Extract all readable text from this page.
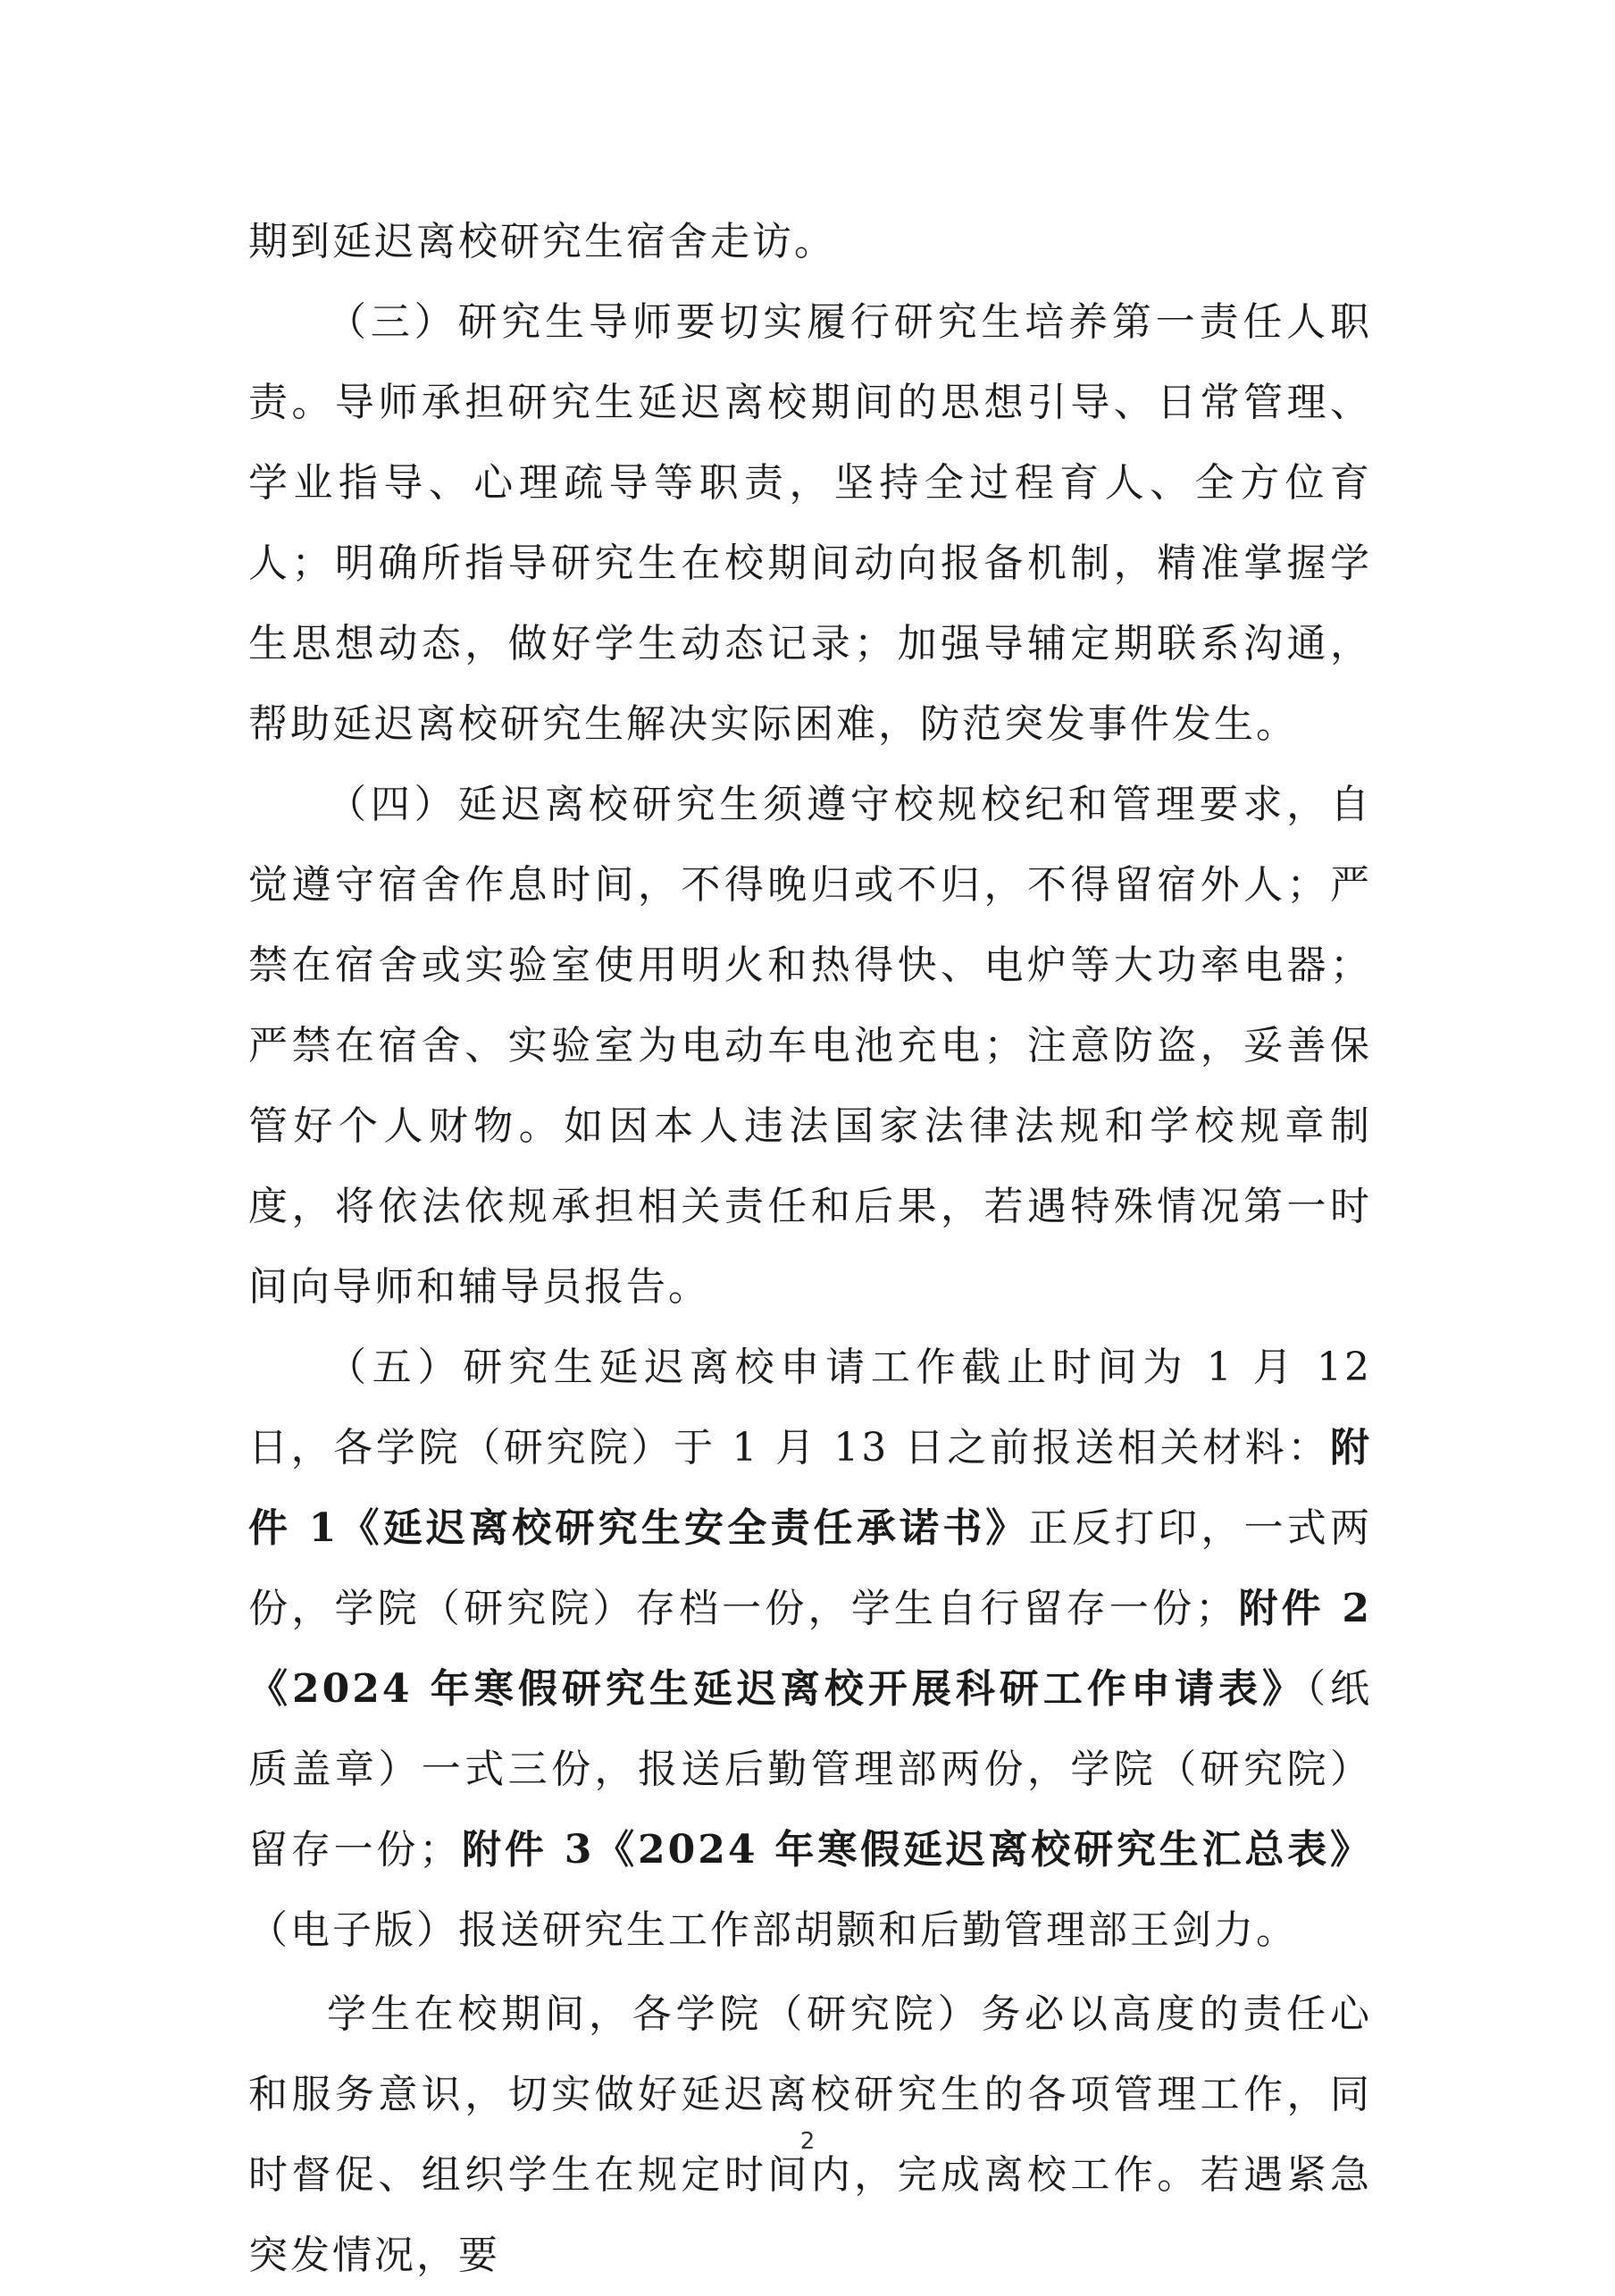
期到延迟离校研究生宿舍走访。

（三）研究生导师要切实履行研究生培养第一责任人职责。导师承担研究生延迟离校期间的思想引导、日常管理、学业指导、心理疏导等职责，坚持全过程育人、全方位育人；明确所指导研究生在校期间动向报备机制，精准掌握学生思想动态，做好学生动态记录；加强导辅定期联系沟通，帮助延迟离校研究生解决实际困难，防范突发事件发生。

（四）延迟离校研究生须遵守校规校纪和管理要求，自觉遵守宿舍作息时间，不得晚归或不归，不得留宿外人；严禁在宿舍或实验室使用明火和热得快、电炉等大功率电器；严禁在宿舍、实验室为电动车电池充电；注意防盗，妥善保管好个人财物。如因本人违法国家法律法规和学校规章制度，将依法依规承担相关责任和后果，若遇特殊情况第一时间向导师和辅导员报告。

（五）研究生延迟离校申请工作截止时间为 1 月 12 日，各学院（研究院）于 1 月 13 日之前报送相关材料：附件 1《延迟离校研究生安全责任承诺书》正反打印，一式两份，学院（研究院）存档一份，学生自行留存一份；附件 2《2024 年寒假研究生延迟离校开展科研工作申请表》（纸质盖章）一式三份，报送后勤管理部两份，学院（研究院）留存一份；附件 3《2024 年寒假延迟离校研究生汇总表》（电子版）报送研究生工作部胡颢和后勤管理部王剑力。

学生在校期间，各学院（研究院）务必以高度的责任心和服务意识，切实做好延迟离校研究生的各项管理工作，同时督促、组织学生在规定时间内，完成离校工作。若遇紧急突发情况，要

2
